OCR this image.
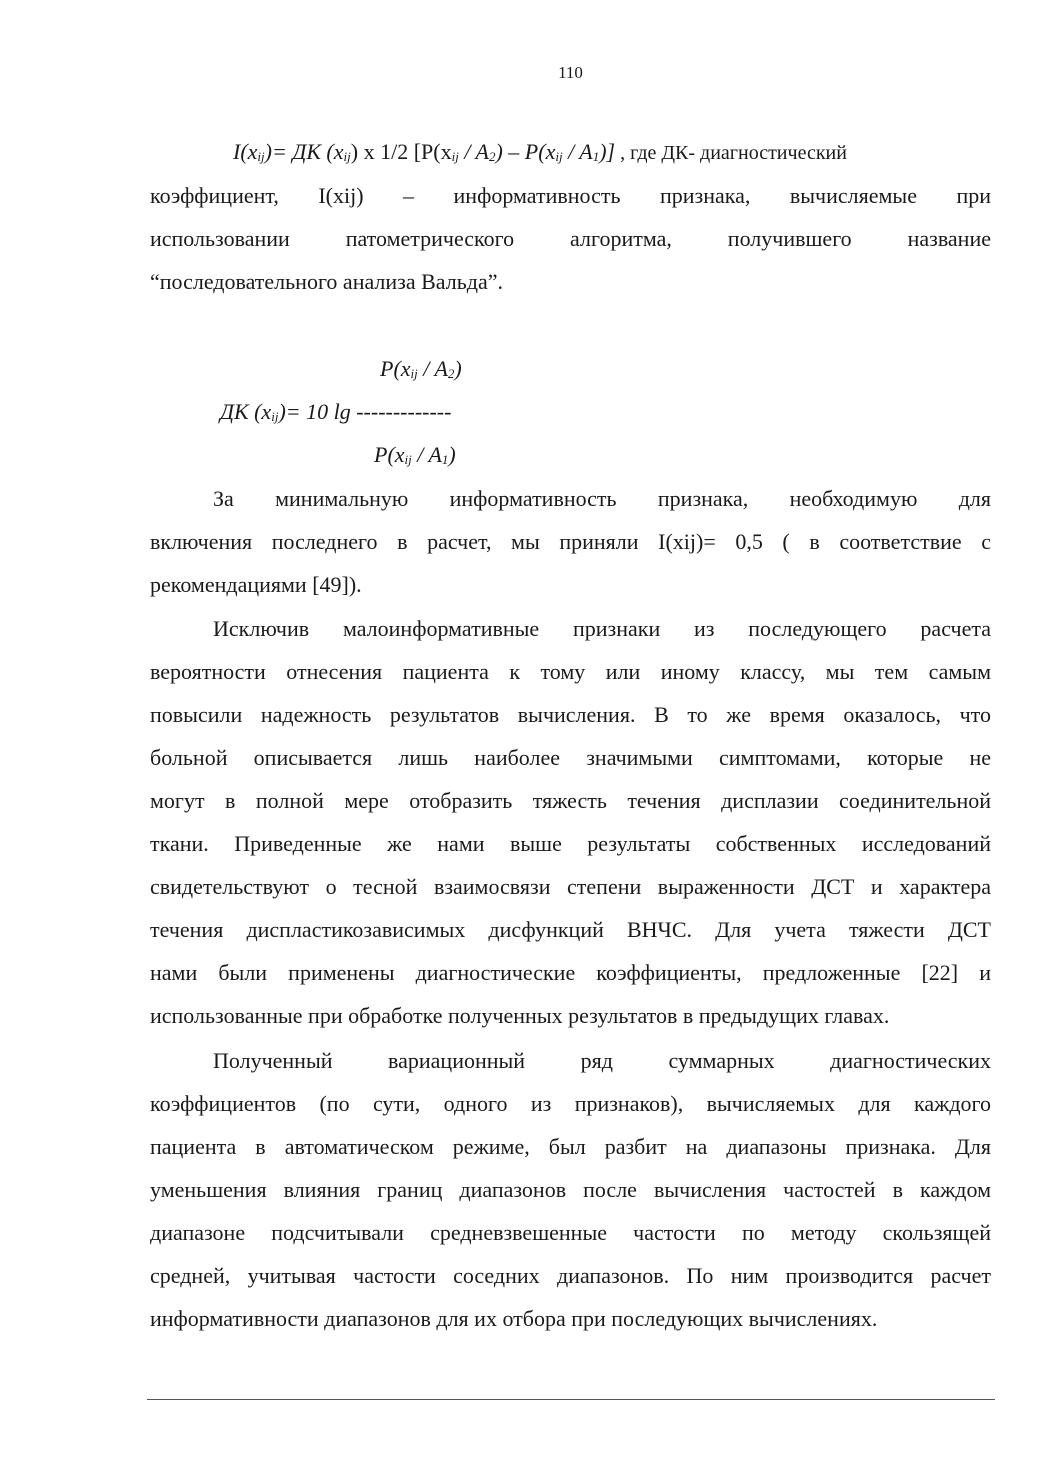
110
$I(x_{ij})=$ ДК $(x_{ij})$ х 1/2 $[P(x_{ij} / A_2) - P(x_{ij} / A_1)]$ , где ДК- диагностический
коэффициент, I(xij) – информативность признака, вычисляемые при
использовании патометрического алгоритма, получившего название
“последовательного анализа Вальда”.
$P(x_{ij} / A_2)$
ДК $(x_{ij})= 10$ lg -------------
$P(x_{ij} / A_1)$
За минимальную информативность признака, необходимую для
включения последнего в расчет, мы приняли I(xij)= 0,5 ( в соответствие с
рекомендациями [49]).
Исключив малоинформативные признаки из последующего расчета
вероятности отнесения пациента к тому или иному классу, мы тем самым
повысили надежность результатов вычисления. В то же время оказалось, что
больной описывается лишь наиболее значимыми симптомами, которые не
могут в полной мере отобразить тяжесть течения дисплазии соединительной
ткани. Приведенные же нами выше результаты собственных исследований
свидетельствуют о тесной взаимосвязи степени выраженности ДСТ и характера
течения диспластикозависимых дисфункций ВНЧС. Для учета тяжести ДСТ
нами были применены диагностические коэффициенты, предложенные [22] и
использованные при обработке полученных результатов в предыдущих главах.
Полученный вариационный ряд суммарных диагностических
коэффициентов (по сути, одного из признаков), вычисляемых для каждого
пациента в автоматическом режиме, был разбит на диапазоны признака. Для
уменьшения влияния границ диапазонов после вычисления частостей в каждом
диапазоне подсчитывали средневзвешенные частости по методу скользящей
средней, учитывая частости соседних диапазонов. По ним производится расчет
информативности диапазонов для их отбора при последующих вычислениях.
